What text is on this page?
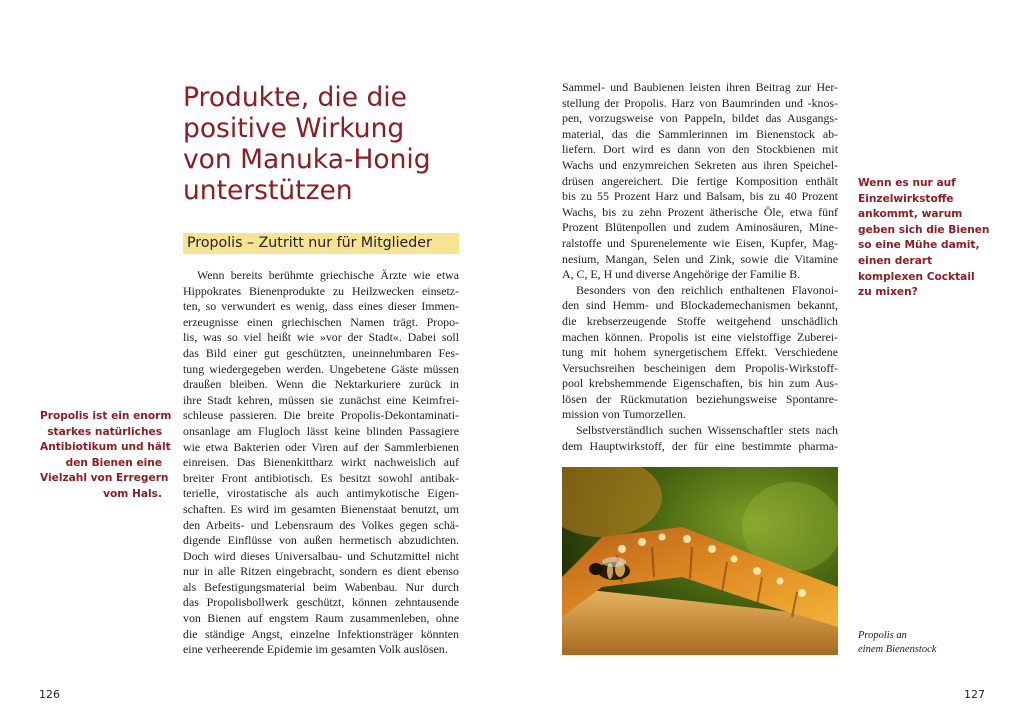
Produkte, die die
positive Wirkung
von Manuka-Honig
unterstützen
Propolis – Zutritt nur für Mitglieder
Wenn bereits berühmte griechische Ärzte wie etwa
Hippokrates Bienenprodukte zu Heilzwecken einsetz-
ten, so verwundert es wenig, dass eines dieser Immen-
erzeugnisse einen griechischen Namen trägt. Propo-
lis, was so viel heißt wie »vor der Stadt«. Dabei soll
das Bild einer gut geschützten, uneinnehmbaren Fes-
tung wiedergegeben werden. Ungebetene Gäste müssen
draußen bleiben. Wenn die Nektarkuriere zurück in
ihre Stadt kehren, müssen sie zunächst eine Keimfrei-
schleuse passieren. Die breite Propolis-Dekontaminati-
onsanlage am Flugloch lässt keine blinden Passagiere
wie etwa Bakterien oder Viren auf der Sammlerbienen
einreisen. Das Bienenkittharz wirkt nachweislich auf
breiter Front antibiotisch. Es besitzt sowohl antibak-
terielle, virostatische als auch antimykotische Eigen-
schaften. Es wird im gesamten Bienenstaat benutzt, um
den Arbeits- und Lebensraum des Volkes gegen schä-
digende Einflüsse von außen hermetisch abzudichten.
Doch wird dieses Universalbau- und Schutzmittel nicht
nur in alle Ritzen eingebracht, sondern es dient ebenso
als Befestigungsmaterial beim Wabenbau. Nur durch
das Propolisbollwerk geschützt, können zehntausende
von Bienen auf engstem Raum zusammenleben, ohne
die ständige Angst, einzelne Infektionsträger könnten
eine verheerende Epidemie im gesamten Volk auslösen.
Sammel- und Baubienen leisten ihren Beitrag zur Her-
stellung der Propolis. Harz von Baumrinden und -knos-
pen, vorzugsweise von Pappeln, bildet das Ausgangs-
material, das die Sammlerinnen im Bienenstock ab-
liefern. Dort wird es dann von den Stockbienen mit
Wachs und enzymreichen Sekreten aus ihren Speichel-
drüsen angereichert. Die fertige Komposition enthält
bis zu 55 Prozent Harz und Balsam, bis zu 40 Prozent
Wachs, bis zu zehn Prozent ätherische Öle, etwa fünf
Prozent Blütenpollen und zudem Aminosäuren, Mine-
ralstoffe und Spurenelemente wie Eisen, Kupfer, Mag-
nesium, Mangan, Selen und Zink, sowie die Vitamine
A, C, E, H und diverse Angehörige der Familie B.
Besonders von den reichlich enthaltenen Flavonoi-
den sind Hemm- und Blockademechanismen bekannt,
die krebserzeugende Stoffe weitgehend unschädlich
machen können. Propolis ist eine vielstoffige Zuberei-
tung mit hohem synergetischem Effekt. Verschiedene
Versuchsreihen bescheinigen dem Propolis-Wirkstoff-
pool krebshemmende Eigenschaften, bis hin zum Aus-
lösen der Rückmutation beziehungsweise Spontanre-
mission von Tumorzellen.
Selbstverständlich suchen Wissenschaftler stets nach
dem Hauptwirkstoff, der für eine bestimmte pharma-
Propolis ist ein enorm
starkes natürliches
Antibiotikum und hält
den Bienen eine
Vielzahl von Erregern
vom Hals.
Wenn es nur auf
Einzelwirkstoffe
ankommt, warum
geben sich die Bienen
so eine Mühe damit,
einen derart
komplexen Cocktail
zu mixen?
Propolis an
einem Bienenstock
126	127
